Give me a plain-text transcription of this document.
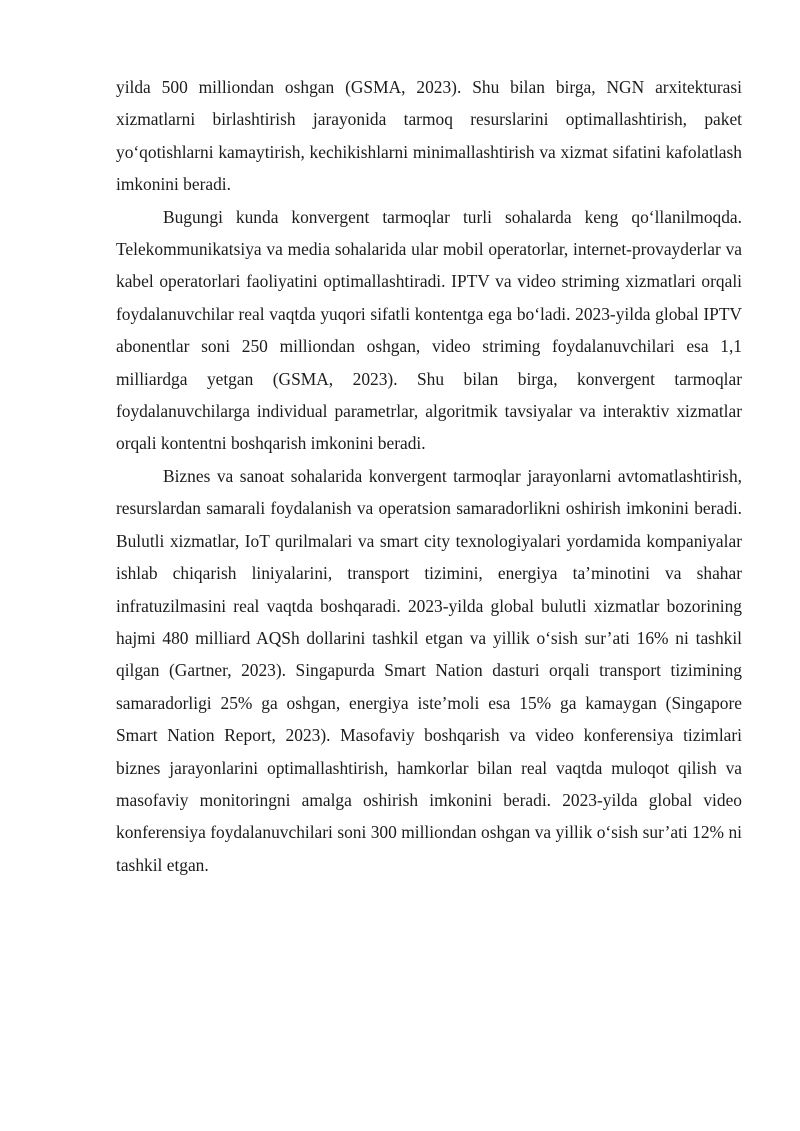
yilda 500 milliondan oshgan (GSMA, 2023). Shu bilan birga, NGN arxitekturasi xizmatlarni birlashtirish jarayonida tarmoq resurslarini optimallashtirish, paket yo‘qotishlarni kamaytirish, kechikishlarni minimallashtirish va xizmat sifatini kafolatlash imkonini beradi.

Bugungi kunda konvergent tarmoqlar turli sohalarda keng qo‘llanilmoqda. Telekommunikatsiya va media sohalarida ular mobil operatorlar, internet-provayderlar va kabel operatorlari faoliyatini optimallashtiradi. IPTV va video striming xizmatlari orqali foydalanuvchilar real vaqtda yuqori sifatli kontentga ega bo‘ladi. 2023-yilda global IPTV abonentlar soni 250 milliondan oshgan, video striming foydalanuvchilari esa 1,1 milliardga yetgan (GSMA, 2023). Shu bilan birga, konvergent tarmoqlar foydalanuvchilarga individual parametrlar, algoritmik tavsiyalar va interaktiv xizmatlar orqali kontentni boshqarish imkonini beradi.

Biznes va sanoat sohalarida konvergent tarmoqlar jarayonlarni avtomatlashtirish, resurslardan samarali foydalanish va operatsion samaradorlikni oshirish imkonini beradi. Bulutli xizmatlar, IoT qurilmalari va smart city texnologiyalari yordamida kompaniyalar ishlab chiqarish liniyalarini, transport tizimini, energiya ta’minotini va shahar infratuzilmasini real vaqtda boshqaradi. 2023-yilda global bulutli xizmatlar bozorining hajmi 480 milliard AQSh dollarini tashkil etgan va yillik o‘sish sur’ati 16% ni tashkil qilgan (Gartner, 2023). Singapurda Smart Nation dasturi orqali transport tizimining samaradorligi 25% ga oshgan, energiya iste’moli esa 15% ga kamaygan (Singapore Smart Nation Report, 2023). Masofaviy boshqarish va video konferensiya tizimlari biznes jarayonlarini optimallashtirish, hamkorlar bilan real vaqtda muloqot qilish va masofaviy monitoringni amalga oshirish imkonini beradi. 2023-yilda global video konferensiya foydalanuvchilari soni 300 milliondan oshgan va yillik o‘sish sur’ati 12% ni tashkil etgan.
